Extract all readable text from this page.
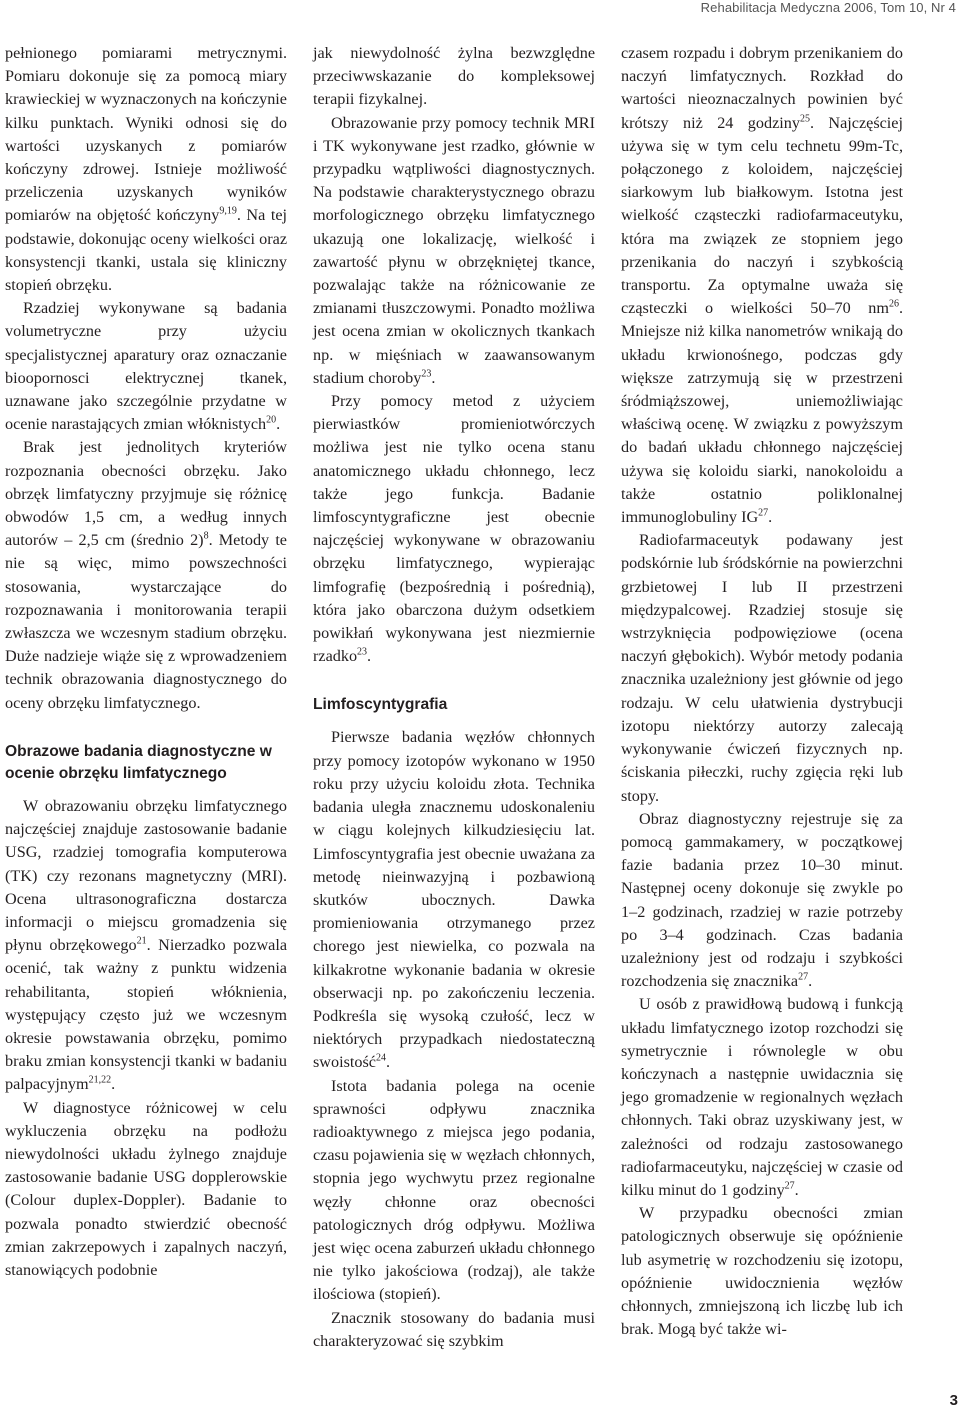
Rehabilitacja Medyczna 2006, Tom 10, Nr 4

pełnionego pomiarami metrycznymi. Pomiaru dokonuje się za pomocą miary krawieckiej w wyznaczonych na kończynie kilku punktach. Wyniki odnosi się do wartości uzyskanych z pomiarów kończyny zdrowej. Istnieje możliwość przeliczenia uzyskanych wyników pomiarów na objętość kończyny$^{9,19}$. Na tej podstawie, dokonując oceny wielkości oraz konsystencji tkanki, ustala się kliniczny stopień obrzęku.

Rzadziej wykonywane są badania volumetryczne przy użyciu specjalistycznej aparatury oraz oznaczanie bioopornosci elektrycznej tkanek, uznawane jako szczególnie przydatne w ocenie narastających zmian włóknistych$^{20}$.

Brak jest jednolitych kryteriów rozpoznania obecności obrzęku. Jako obrzęk limfatyczny przyjmuje się różnicę obwodów 1,5 cm, a według innych autorów – 2,5 cm (średnio 2)$^8$. Metody te nie są więc, mimo powszechności stosowania, wystarczające do rozpoznawania i monitorowania terapii zwłaszcza we wczesnym stadium obrzęku. Duże nadzieje wiąże się z wprowadzeniem technik obrazowania diagnostycznego do oceny obrzęku limfatycznego.

Obrazowe badania diagnostyczne w ocenie obrzęku limfatycznego

W obrazowaniu obrzęku limfatycznego najczęściej znajduje zastosowanie badanie USG, rzadziej tomografia komputerowa (TK) czy rezonans magnetyczny (MRI). Ocena ultrasonograficzna dostarcza informacji o miejscu gromadzenia się płynu obrzękowego$^{21}$. Nierzadko pozwala ocenić, tak ważny z punktu widzenia rehabilitanta, stopień włóknienia, występujący często już we wczesnym okresie powstawania obrzęku, pomimo braku zmian konsystencji tkanki w badaniu palpacyjnym$^{21,22}$.

W diagnostyce różnicowej w celu wykluczenia obrzęku na podłożu niewydolności układu żylnego znajduje zastosowanie badanie USG dopplerowskie (Colour duplex-Doppler). Badanie to pozwala ponadto stwierdzić obecność zmian zakrzepowych i zapalnych naczyń, stanowiących podobnie

jak niewydolność żylna bezwzględne przeciwwskazanie do kompleksowej terapii fizykalnej.

Obrazowanie przy pomocy technik MRI i TK wykonywane jest rzadko, głównie w przypadku wątpliwości diagnostycznych. Na podstawie charakterystycznego obrazu morfologicznego obrzęku limfatycznego ukazują one lokalizację, wielkość i zawartość płynu w obrzękniętej tkance, pozwalając także na różnicowanie ze zmianami tłuszczowymi. Ponadto możliwa jest ocena zmian w okolicznych tkankach np. w mięśniach w zaawansowanym stadium choroby$^{23}$.

Przy pomocy metod z użyciem pierwiastków promieniotwórczych możliwa jest nie tylko ocena stanu anatomicznego układu chłonnego, lecz także jego funkcja. Badanie limfoscyntygraficzne jest obecnie najczęściej wykonywane w obrazowaniu obrzęku limfatycznego, wypierając limfografię (bezpośrednią i pośrednią), która jako obarczona dużym odsetkiem powikłań wykonywana jest niezmiernie rzadko$^{23}$.

Limfoscyntygrafia

Pierwsze badania węzłów chłonnych przy pomocy izotopów wykonano w 1950 roku przy użyciu koloidu złota. Technika badania uległa znacznemu udoskonaleniu w ciągu kolejnych kilkudziesięciu lat. Limfoscyntygrafia jest obecnie uważana za metodę nieinwazyjną i pozbawioną skutków ubocznych. Dawka promieniowania otrzymanego przez chorego jest niewielka, co pozwala na kilkakrotne wykonanie badania w okresie obserwacji np. po zakończeniu leczenia. Podkreśla się wysoką czułość, lecz w niektórych przypadkach niedostateczną swoistość$^{24}$.

Istota badania polega na ocenie sprawności odpływu znacznika radioaktywnego z miejsca jego podania, czasu pojawienia się w węzłach chłonnych, stopnia jego wychwytu przez regionalne węzły chłonne oraz obecności patologicznych dróg odpływu. Możliwa jest więc ocena zaburzeń układu chłonnego nie tylko jakościowa (rodzaj), ale także ilościowa (stopień).

Znacznik stosowany do badania musi charakteryzować się szybkim

czasem rozpadu i dobrym przenikaniem do naczyń limfatycznych. Rozkład do wartości nieoznaczalnych powinien być krótszy niż 24 godziny$^{25}$. Najczęściej używa się w tym celu technetu 99m-Tc, połączonego z koloidem, najczęściej siarkowym lub białkowym. Istotna jest wielkość cząsteczki radiofarmaceutyku, która ma związek ze stopniem jego przenikania do naczyń i szybkością transportu. Za optymalne uważa się cząsteczki o wielkości 50–70 $nm^{26}$. Mniejsze niż kilka nanometrów wnikają do układu krwionośnego, podczas gdy większe zatrzymują się w przestrzeni śródmiąższowej, uniemożliwiając właściwą ocenę. W związku z powyższym do badań układu chłonnego najczęściej używa się koloidu siarki, nanokoloidu a także ostatnio poliklonalnej immunoglobuliny IG$^{27}$.

Radiofarmaceutyk podawany jest podskórnie lub śródskórnie na powierzchni grzbietowej I lub II przestrzeni międzypalcowej. Rzadziej stosuje się wstrzyknięcia podpowięziowe (ocena naczyń głębokich). Wybór metody podania znacznika uzależniony jest głównie od jego rodzaju. W celu ułatwienia dystrybucji izotopu niektórzy autorzy zalecają wykonywanie ćwiczeń fizycznych np. ściskania piłeczki, ruchy zgięcia ręki lub stopy.

Obraz diagnostyczny rejestruje się za pomocą gammakamery, w początkowej fazie badania przez 10–30 minut. Następnej oceny dokonuje się zwykle po 1–2 godzinach, rzadziej w razie potrzeby po 3–4 godzinach. Czas badania uzależniony jest od rodzaju i szybkości rozchodzenia się znacznika$^{27}$.

U osób z prawidłową budową i funkcją układu limfatycznego izotop rozchodzi się symetrycznie i równolegle w obu kończynach a następnie uwidacznia się jego gromadzenie w regionalnych węzłach chłonnych. Taki obraz uzyskiwany jest, w zależności od rodzaju zastosowanego radiofarmaceutyku, najczęściej w czasie od kilku minut do 1 godziny$^{27}$.

W przypadku obecności zmian patologicznych obserwuje się opóźnienie lub asymetrię w rozchodzeniu się izotopu, opóźnienie uwidocznienia węzłów chłonnych, zmniejszoną ich liczbę lub ich brak. Mogą być także wi-

3
